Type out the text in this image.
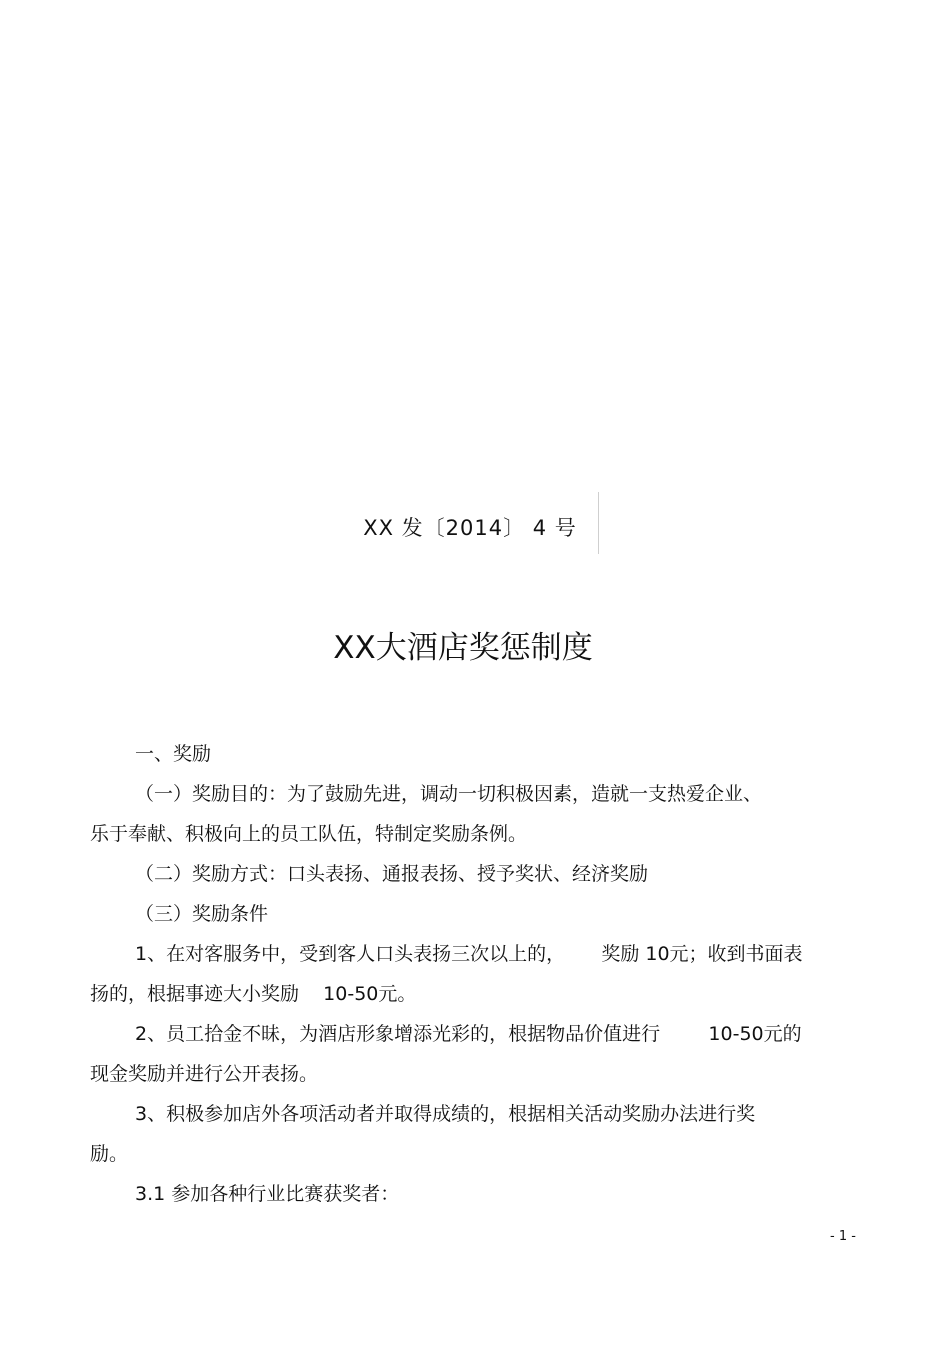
XX 发〔2014〕 4 号
XX大酒店奖惩制度
一、奖励
（一）奖励目的：为了鼓励先进，调动一切积极因素，造就一支热爱企业、
乐于奉献、积极向上的员工队伍，特制定奖励条例。
（二）奖励方式：口头表扬、通报表扬、授予奖状、经济奖励
（三）奖励条件
1、在对客服务中，受到客人口头表扬三次以上的，      奖励 10元；收到书面表
扬的，根据事迹大小奖励    10-50元。
2、员工拾金不昧，为酒店形象增添光彩的，根据物品价值进行        10-50元的
现金奖励并进行公开表扬。
3、积极参加店外各项活动者并取得成绩的，根据相关活动奖励办法进行奖
励。
3.1 参加各种行业比赛获奖者：
- 1 -
